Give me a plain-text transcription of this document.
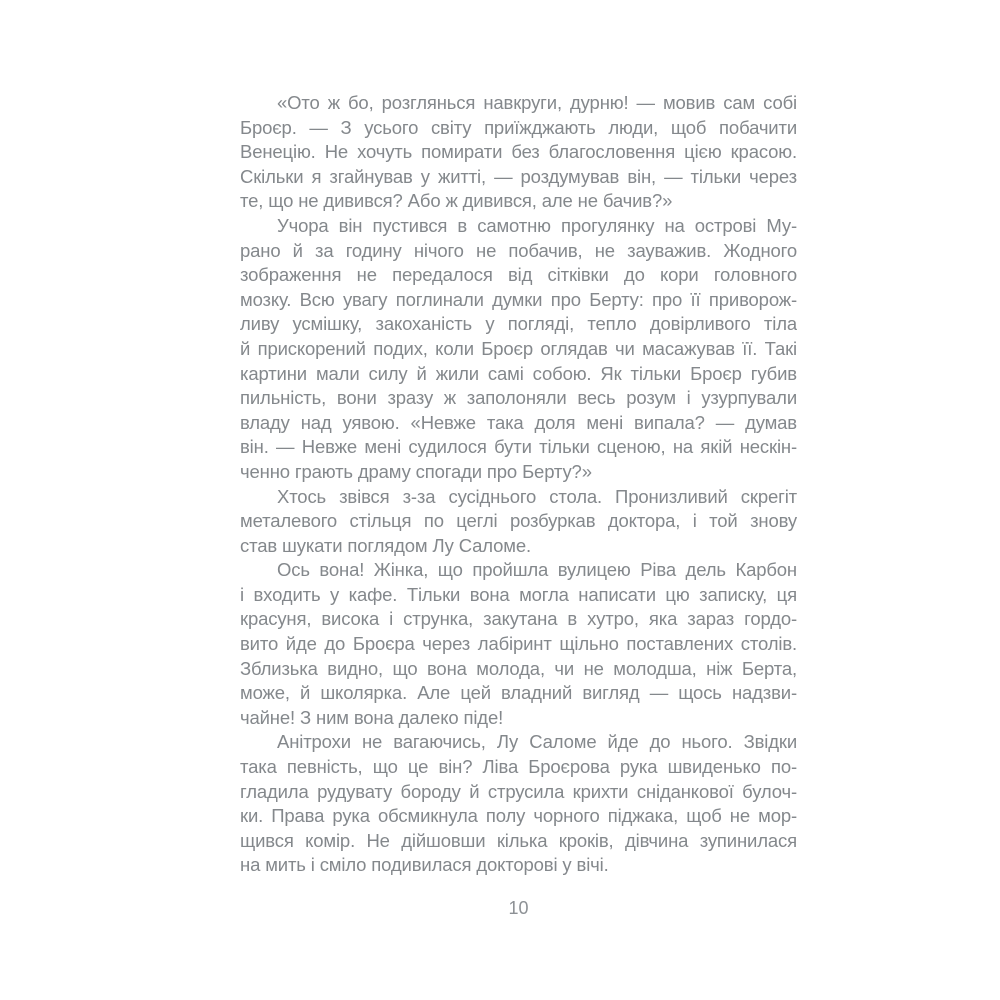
«Ото ж бо, розглянься навкруги, дурню! — мовив сам собі
Броєр. — З усього світу приїжджають люди, щоб побачити
Венецію. Не хочуть помирати без благословення цією красою.
Скільки я згайнував у житті, — роздумував він, — тільки через
те, що не дивився? Або ж дивився, але не бачив?»
Учора він пустився в самотню прогулянку на острові Му-
рано й за годину нічого не побачив, не зауважив. Жодного
зображення не передалося від сітківки до кори головного
мозку. Всю увагу поглинали думки про Берту: про її приворож-
ливу усмішку, закоханість у погляді, тепло довірливого тіла
й прискорений подих, коли Броєр оглядав чи масажував її. Такі
картини мали силу й жили самі собою. Як тільки Броєр губив
пильність, вони зразу ж заполоняли весь розум і узурпували
владу над уявою. «Невже така доля мені випала? — думав
він. — Невже мені судилося бути тільки сценою, на якій нескін-
ченно грають драму спогади про Берту?»
Хтось звівся з-за сусіднього стола. Пронизливий скрегіт
металевого стільця по цеглі розбуркав доктора, і той знову
став шукати поглядом Лу Саломе.
Ось вона! Жінка, що пройшла вулицею Ріва дель Карбон
і входить у кафе. Тільки вона могла написати цю записку, ця
красуня, висока і струнка, закутана в хутро, яка зараз гордо-
вито йде до Броєра через лабіринт щільно поставлених столів.
Зблизька видно, що вона молода, чи не молодша, ніж Берта,
може, й школярка. Але цей владний вигляд — щось надзви-
чайне! З ним вона далеко піде!
Анітрохи не вагаючись, Лу Саломе йде до нього. Звідки
така певність, що це він? Ліва Броєрова рука швиденько по-
гладила рудувату бороду й струсила крихти сніданкової булоч-
ки. Права рука обсмикнула полу чорного піджака, щоб не мор-
щився комір. Не дійшовши кілька кроків, дівчина зупинилася
на мить і сміло подивилася докторові у вічі.
10
